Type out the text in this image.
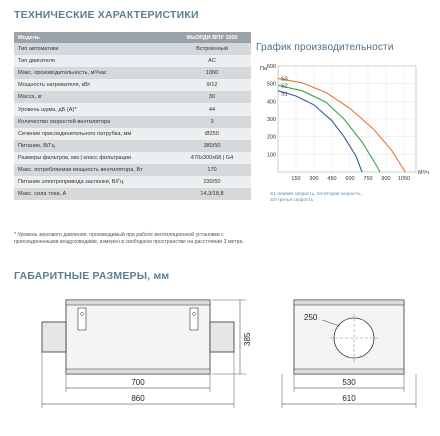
ТЕХНИЧЕСКИЕ ХАРАКТЕРИСТИКИ
Модель	ФЬОРДИ ВПУ 1000
Тип автоматики	Встроенный
Тип двигателя	AC
Макс. производительность, м³/час	1060
Мощность нагревателя, кВт	9/12
Масса, кг	30
Уровень шума, дБ (А)*	44
Количество скоростей вентилятора	3
Сечение присоединительного патрубка, мм	Ø250
Питание, В/Гц	380/50
Размеры фильтров, мм | класс фильтрации	470х300х68 | G4
Макс. потребляемая мощность вентилятора, Вт	170
Питание электропривода заслонки, В/Гц	230/50
Макс. сила тока, А	14,3/18,8
* Уровень звукового давления, производимый при работе вентиляционной установки с присоединенными воздуховодами, измерен в свободном пространстве на расстоянии 3 метра.
График производительности
100
200
300
400
500
600
150 300 450 600 750 900 1050
Па
М³/ч
S3
S2
S1
S1-первая скорость, S2-вторая скорость,
S3-третья скорость
ГАБАРИТНЫЕ РАЗМЕРЫ, мм
385
700
860
250
530
610
